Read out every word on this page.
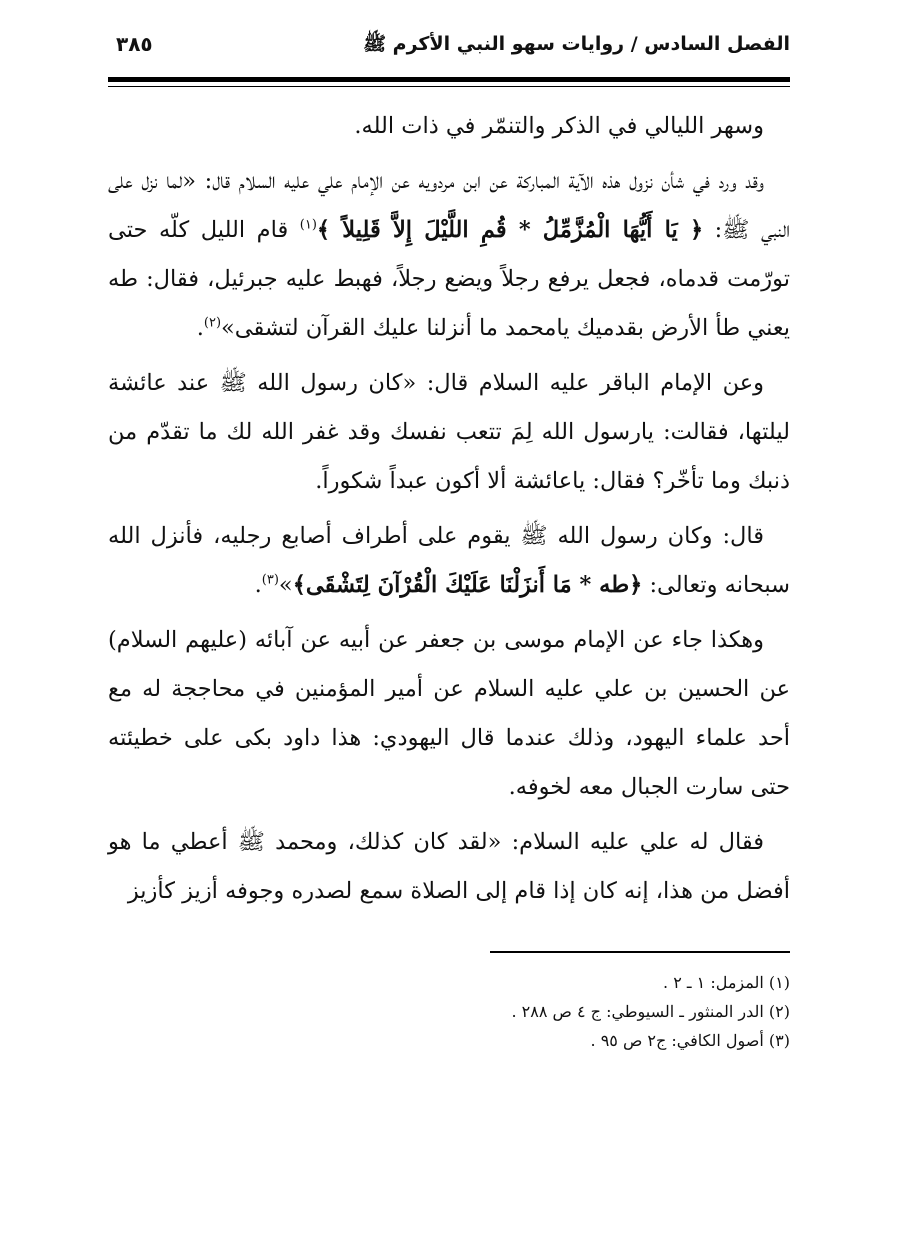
الفصل السادس / روايات سهو النبي الأكرم ﷺ
٣٨٥

وسهر الليالي في الذكر والتنمّر في ذات الله.

وقد ورد في شأن نزول هذه الآية المباركة عن ابن مردويه عن الإمام علي عليه السلام قال: «لما نزل على النبي ﷺ: ﴿ يَا أَيُّهَا الْمُزَّمِّلُ * قُمِ اللَّيْلَ إِلاَّ قَلِيلاً ﴾$^{(١)}$ قام الليل كلّه حتى تورّمت قدماه، فجعل يرفع رجلاً ويضع رجلاً، فهبط عليه جبرئيل، فقال: طه يعني طأ الأرض بقدميك يامحمد ما أنزلنا عليك القرآن لتشقى»$^{(٢)}$.

وعن الإمام الباقر عليه السلام قال: «كان رسول الله ﷺ عند عائشة ليلتها، فقالت: يارسول الله لِمَ تتعب نفسك وقد غفر الله لك ما تقدّم من ذنبك وما تأخّر؟ فقال: ياعائشة ألا أكون عبداً شكوراً.

قال: وكان رسول الله ﷺ يقوم على أطراف أصابع رجليه، فأنزل الله سبحانه وتعالى: ﴿طه * مَا أَنزَلْنَا عَلَيْكَ الْقُرْآنَ لِتَشْقَى﴾»$^{(٣)}$.

وهكذا جاء عن الإمام موسى بن جعفر عن أبيه عن آبائه (عليهم السلام) عن الحسين بن علي عليه السلام عن أمير المؤمنين في محاججة له مع أحد علماء اليهود، وذلك عندما قال اليهودي: هذا داود بكى على خطيئته حتى سارت الجبال معه لخوفه.

فقال له علي عليه السلام: «لقد كان كذلك، ومحمد ﷺ أعطي ما هو أفضل من هذا، إنه كان إذا قام إلى الصلاة سمع لصدره وجوفه أزيز كأزيز

(١) المزمل: ١ ـ ٢ .
(٢) الدر المنثور ـ السيوطي: ج ٤ ص ٢٨٨ .
(٣) أصول الكافي: ج٢ ص ٩٥ .
